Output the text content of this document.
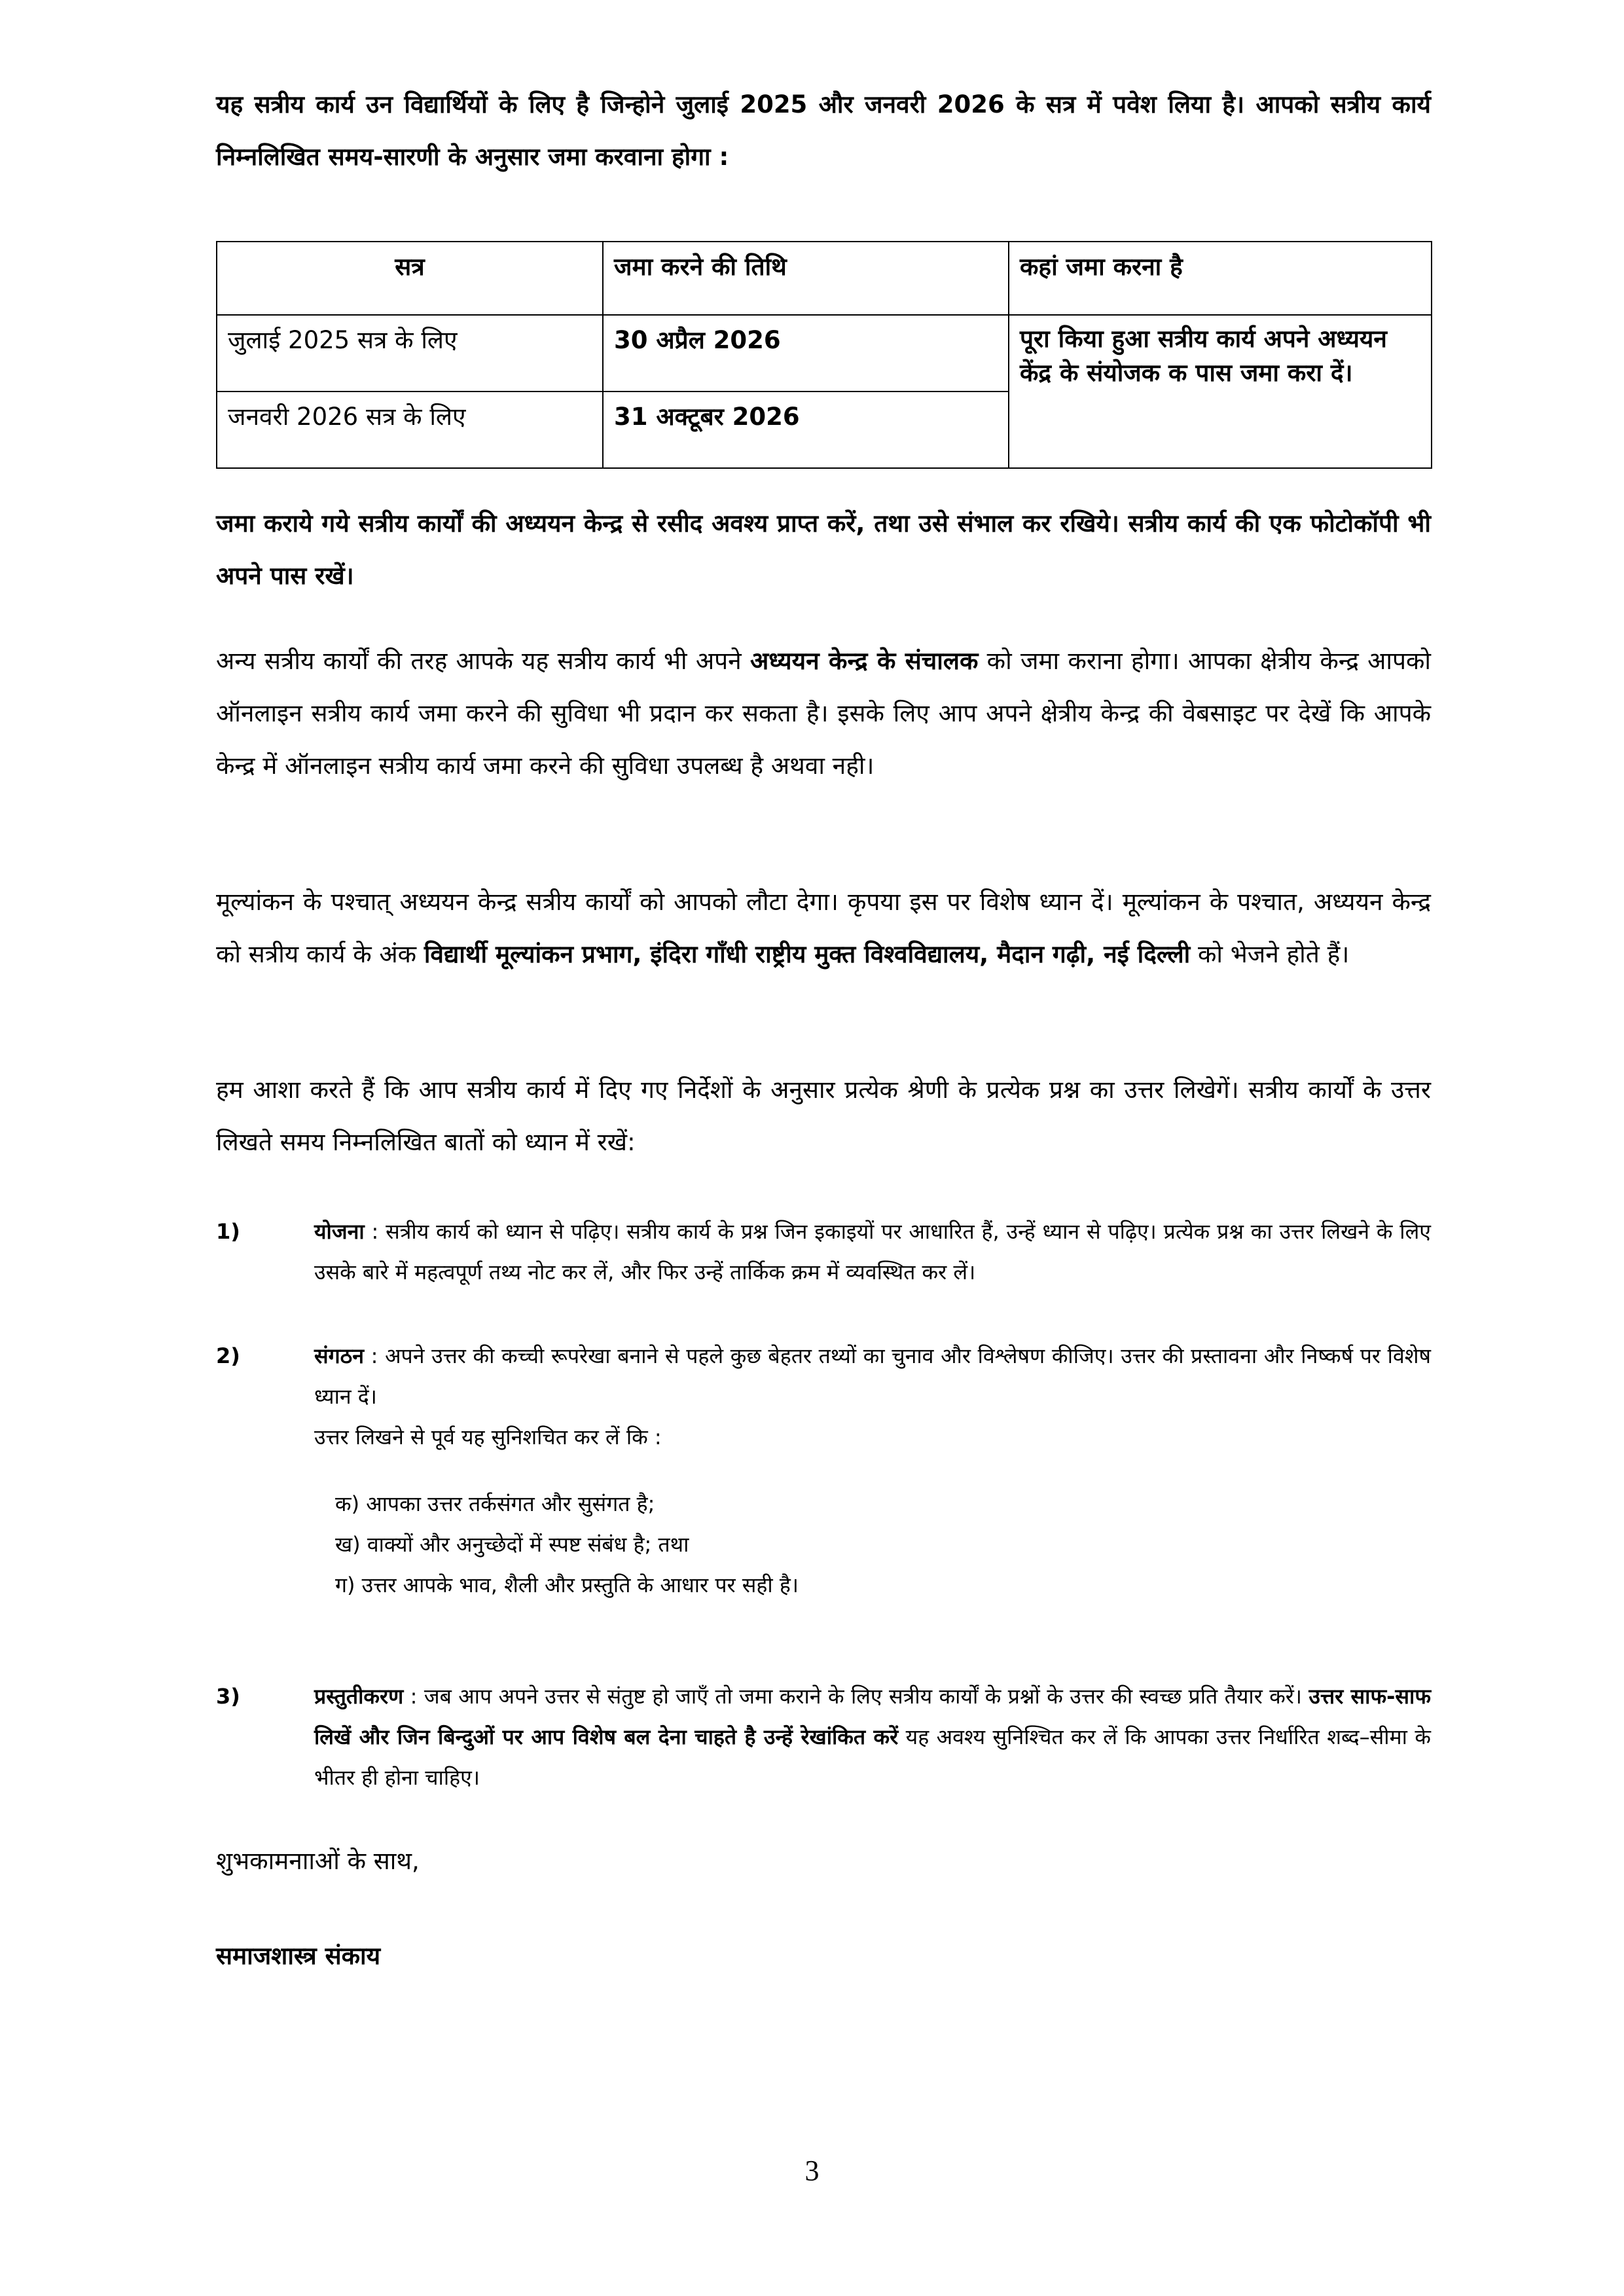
यह सत्रीय कार्य उन विद्यार्थियों के लिए है जिन्होने जुलाई 2025 और जनवरी 2026 के सत्र में पवेश लिया है। आपको सत्रीय कार्य निम्नलिखित समय-सारणी के अनुसार जमा करवाना होगा :

सत्र	जमा करने की तिथि	कहां जमा करना है
जुलाई 2025 सत्र के लिए	30 अप्रैल 2026	पूरा किया हुआ सत्रीय कार्य अपने अध्ययन केंद्र के संयोजक क पास जमा करा दें।
जनवरी 2026 सत्र के लिए	31 अक्टूबर 2026	

जमा कराये गये सत्रीय कार्यों की अध्ययन केन्द्र से रसीद अवश्य प्राप्त करें, तथा उसे संभाल कर रखिये। सत्रीय कार्य की एक फोटोकॉपी भी अपने पास रखें।

अन्य सत्रीय कार्यों की तरह आपके यह सत्रीय कार्य भी अपने अध्ययन केन्द्र के संचालक को जमा कराना होगा। आपका क्षेत्रीय केन्द्र आपको ऑनलाइन सत्रीय कार्य जमा करने की सुविधा भी प्रदान कर सकता है। इसके लिए आप अपने क्षेत्रीय केन्द्र की वेबसाइट पर देखें कि आपके केन्द्र में ऑनलाइन सत्रीय कार्य जमा करने की सुविधा उपलब्ध है अथवा नही।

मूल्यांकन के पश्चात् अध्ययन केन्द्र सत्रीय कार्यों को आपको लौटा देगा। कृपया इस पर विशेष ध्यान दें। मूल्यांकन के पश्चात, अध्ययन केन्द्र को सत्रीय कार्य के अंक विद्यार्थी मूल्यांकन प्रभाग, इंदिरा गाँधी राष्ट्रीय मुक्त विश्वविद्यालय, मैदान गढ़ी, नई दिल्ली को भेजने होते हैं।

हम आशा करते हैं कि आप सत्रीय कार्य में दिए गए निर्देशों के अनुसार प्रत्येक श्रेणी के प्रत्येक प्रश्न का उत्तर लिखेगें। सत्रीय कार्यों के उत्तर लिखते समय निम्नलिखित बातों को ध्यान में रखें:

1)	योजना : सत्रीय कार्य को ध्यान से पढ़िए। सत्रीय कार्य के प्रश्न जिन इकाइयों पर आधारित हैं, उन्हें ध्यान से पढ़िए। प्रत्येक प्रश्न का उत्तर लिखने के लिए उसके बारे में महत्वपूर्ण तथ्य नोट कर लें, और फिर उन्हें तार्किक क्रम में व्यवस्थित कर लें।
2)	संगठन : अपने उत्तर की कच्ची रूपरेखा बनाने से पहले कुछ बेहतर तथ्यों का चुनाव और विश्लेषण कीजिए। उत्तर की प्रस्तावना और निष्कर्ष पर विशेष ध्यान दें।
उत्तर लिखने से पूर्व यह सुनिशचित कर लें कि :
क) आपका उत्तर तर्कसंगत और सुसंगत है;
ख) वाक्यों और अनुच्छेदों में स्पष्ट संबंध है; तथा
ग) उत्तर आपके भाव, शैली और प्रस्तुति के आधार पर सही है।
3)	प्रस्तुतीकरण : जब आप अपने उत्तर से संतुष्ट हो जाएँ तो जमा कराने के लिए सत्रीय कार्यों के प्रश्नों के उत्तर की स्वच्छ प्रति तैयार करें। उत्तर साफ-साफ लिखें और जिन बिन्दुओं पर आप विशेष बल देना चाहते है उन्हें रेखांकित करें यह अवश्य सुनिश्चित कर लें कि आपका उत्तर निर्धारित शब्द–सीमा के भीतर ही होना चाहिए।
शुभकामनााओं के साथ,
समाजशास्त्र संकाय
3
